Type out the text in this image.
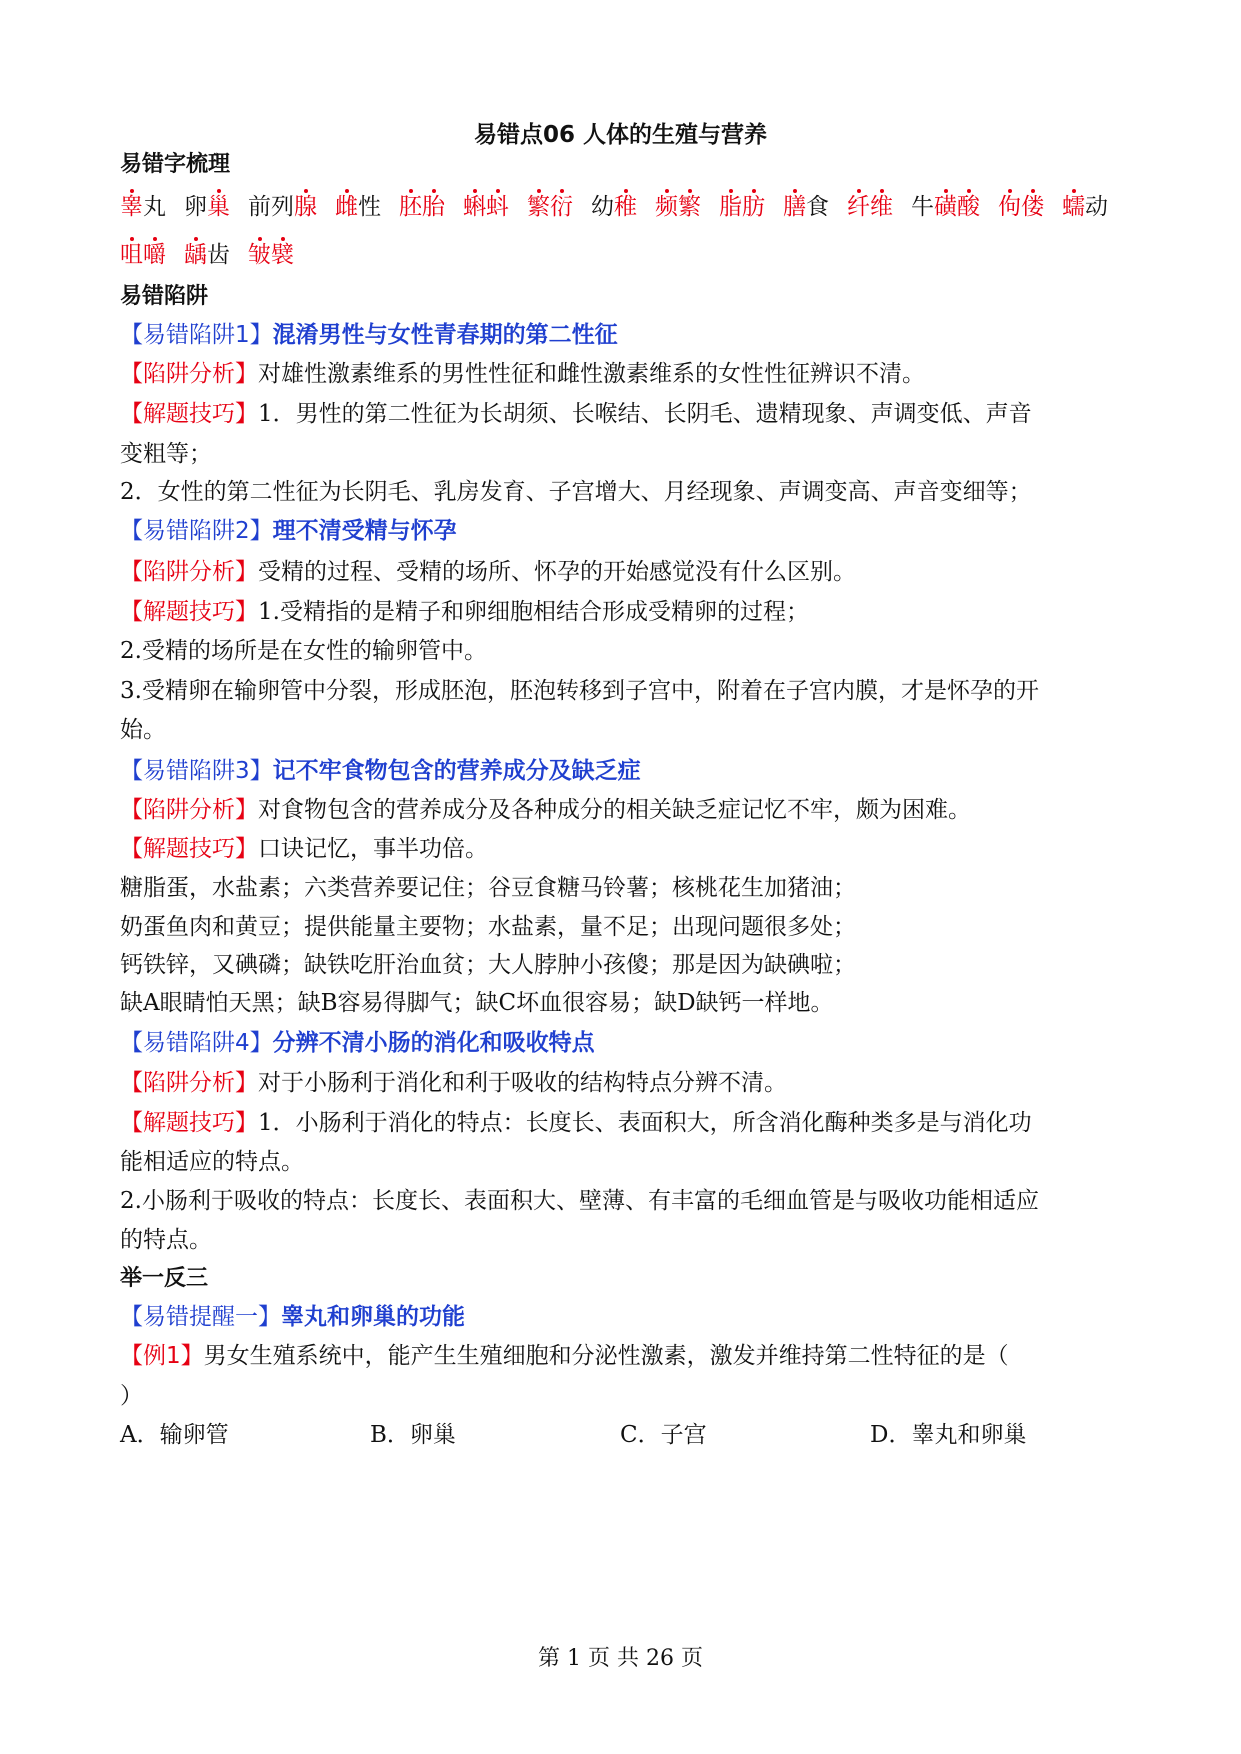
易错点06 人体的生殖与营养
易错字梳理
睾丸 卵巢 前列腺 雌性 胚胎 蝌蚪 繁衍 幼稚 频繁 脂肪 膳食 纤维 牛磺酸 佝偻 蠕动
咀嚼 龋齿 皱襞
易错陷阱
【易错陷阱1】混淆男性与女性青春期的第二性征
【陷阱分析】对雄性激素维系的男性性征和雌性激素维系的女性性征辨识不清。
【解题技巧】1．男性的第二性征为长胡须、长喉结、长阴毛、遗精现象、声调变低、声音
变粗等；
2．女性的第二性征为长阴毛、乳房发育、子宫增大、月经现象、声调变高、声音变细等；
【易错陷阱2】理不清受精与怀孕
【陷阱分析】受精的过程、受精的场所、怀孕的开始感觉没有什么区别。
【解题技巧】1.受精指的是精子和卵细胞相结合形成受精卵的过程；
2.受精的场所是在女性的输卵管中。
3.受精卵在输卵管中分裂，形成胚泡，胚泡转移到子宫中，附着在子宫内膜，才是怀孕的开
始。
【易错陷阱3】记不牢食物包含的营养成分及缺乏症
【陷阱分析】对食物包含的营养成分及各种成分的相关缺乏症记忆不牢，颇为困难。
【解题技巧】口诀记忆，事半功倍。
糖脂蛋，水盐素；六类营养要记住；谷豆食糖马铃薯；核桃花生加猪油；
奶蛋鱼肉和黄豆；提供能量主要物；水盐素，量不足；出现问题很多处；
钙铁锌，又碘磷；缺铁吃肝治血贫；大人脖肿小孩傻；那是因为缺碘啦；
缺A眼睛怕天黑；缺B容易得脚气；缺C坏血很容易；缺D缺钙一样地。
【易错陷阱4】分辨不清小肠的消化和吸收特点
【陷阱分析】对于小肠利于消化和利于吸收的结构特点分辨不清。
【解题技巧】1．小肠利于消化的特点：长度长、表面积大，所含消化酶种类多是与消化功
能相适应的特点。
2.小肠利于吸收的特点：长度长、表面积大、壁薄、有丰富的毛细血管是与吸收功能相适应
的特点。
举一反三
【易错提醒一】睾丸和卵巢的功能
【例1】男女生殖系统中，能产生生殖细胞和分泌性激素，激发并维持第二性特征的是（
）
A．输卵管	B．卵巢	C．子宫	D．睾丸和卵巢
第 1 页 共 26 页
